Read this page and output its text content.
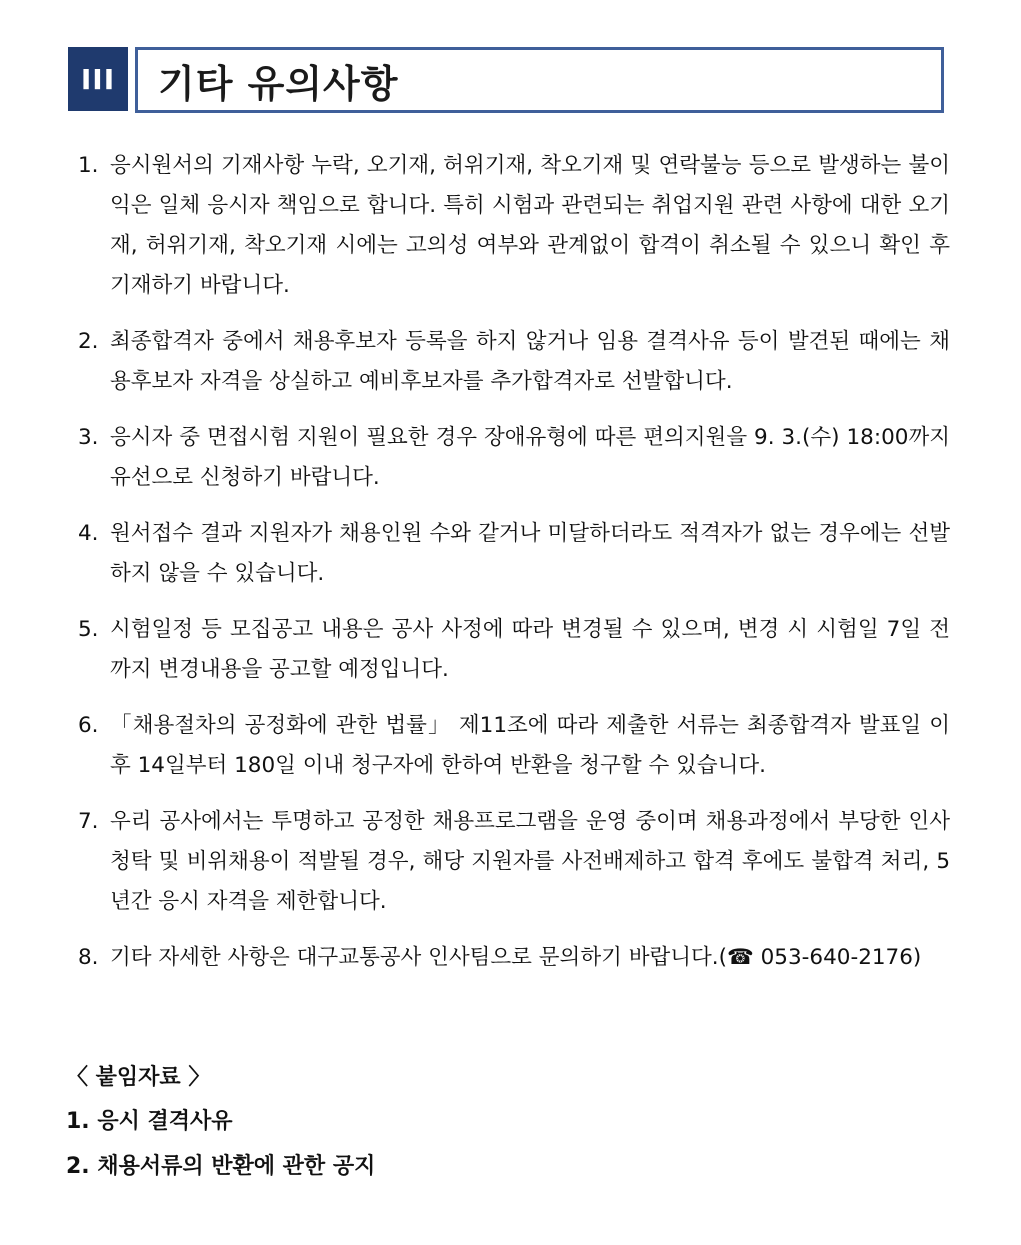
III	기타 유의사항
1. 응시원서의 기재사항 누락, 오기재, 허위기재, 착오기재 및 연락불능 등으로 발생하는 불이익은 일체 응시자 책임으로 합니다. 특히 시험과 관련되는 취업지원 관련 사항에 대한 오기재, 허위기재, 착오기재 시에는 고의성 여부와 관계없이 합격이 취소될 수 있으니 확인 후 기재하기 바랍니다.
2. 최종합격자 중에서 채용후보자 등록을 하지 않거나 임용 결격사유 등이 발견된 때에는 채용후보자 자격을 상실하고 예비후보자를 추가합격자로 선발합니다.
3. 응시자 중 면접시험 지원이 필요한 경우 장애유형에 따른 편의지원을 9. 3.(수) 18:00까지 유선으로 신청하기 바랍니다.
4. 원서접수 결과 지원자가 채용인원 수와 같거나 미달하더라도 적격자가 없는 경우에는 선발하지 않을 수 있습니다.
5. 시험일정 등 모집공고 내용은 공사 사정에 따라 변경될 수 있으며, 변경 시 시험일 7일 전까지 변경내용을 공고할 예정입니다.
6. 「채용절차의 공정화에 관한 법률」 제11조에 따라 제출한 서류는 최종합격자 발표일 이후 14일부터 180일 이내 청구자에 한하여 반환을 청구할 수 있습니다.
7. 우리 공사에서는 투명하고 공정한 채용프로그램을 운영 중이며 채용과정에서 부당한 인사청탁 및 비위채용이 적발될 경우, 해당 지원자를 사전배제하고 합격 후에도 불합격 처리, 5년간 응시 자격을 제한합니다.
8. 기타 자세한 사항은 대구교통공사 인사팀으로 문의하기 바랍니다.(☎ 053-640-2176)
〈 붙임자료 〉
1. 응시 결격사유
2. 채용서류의 반환에 관한 공지
